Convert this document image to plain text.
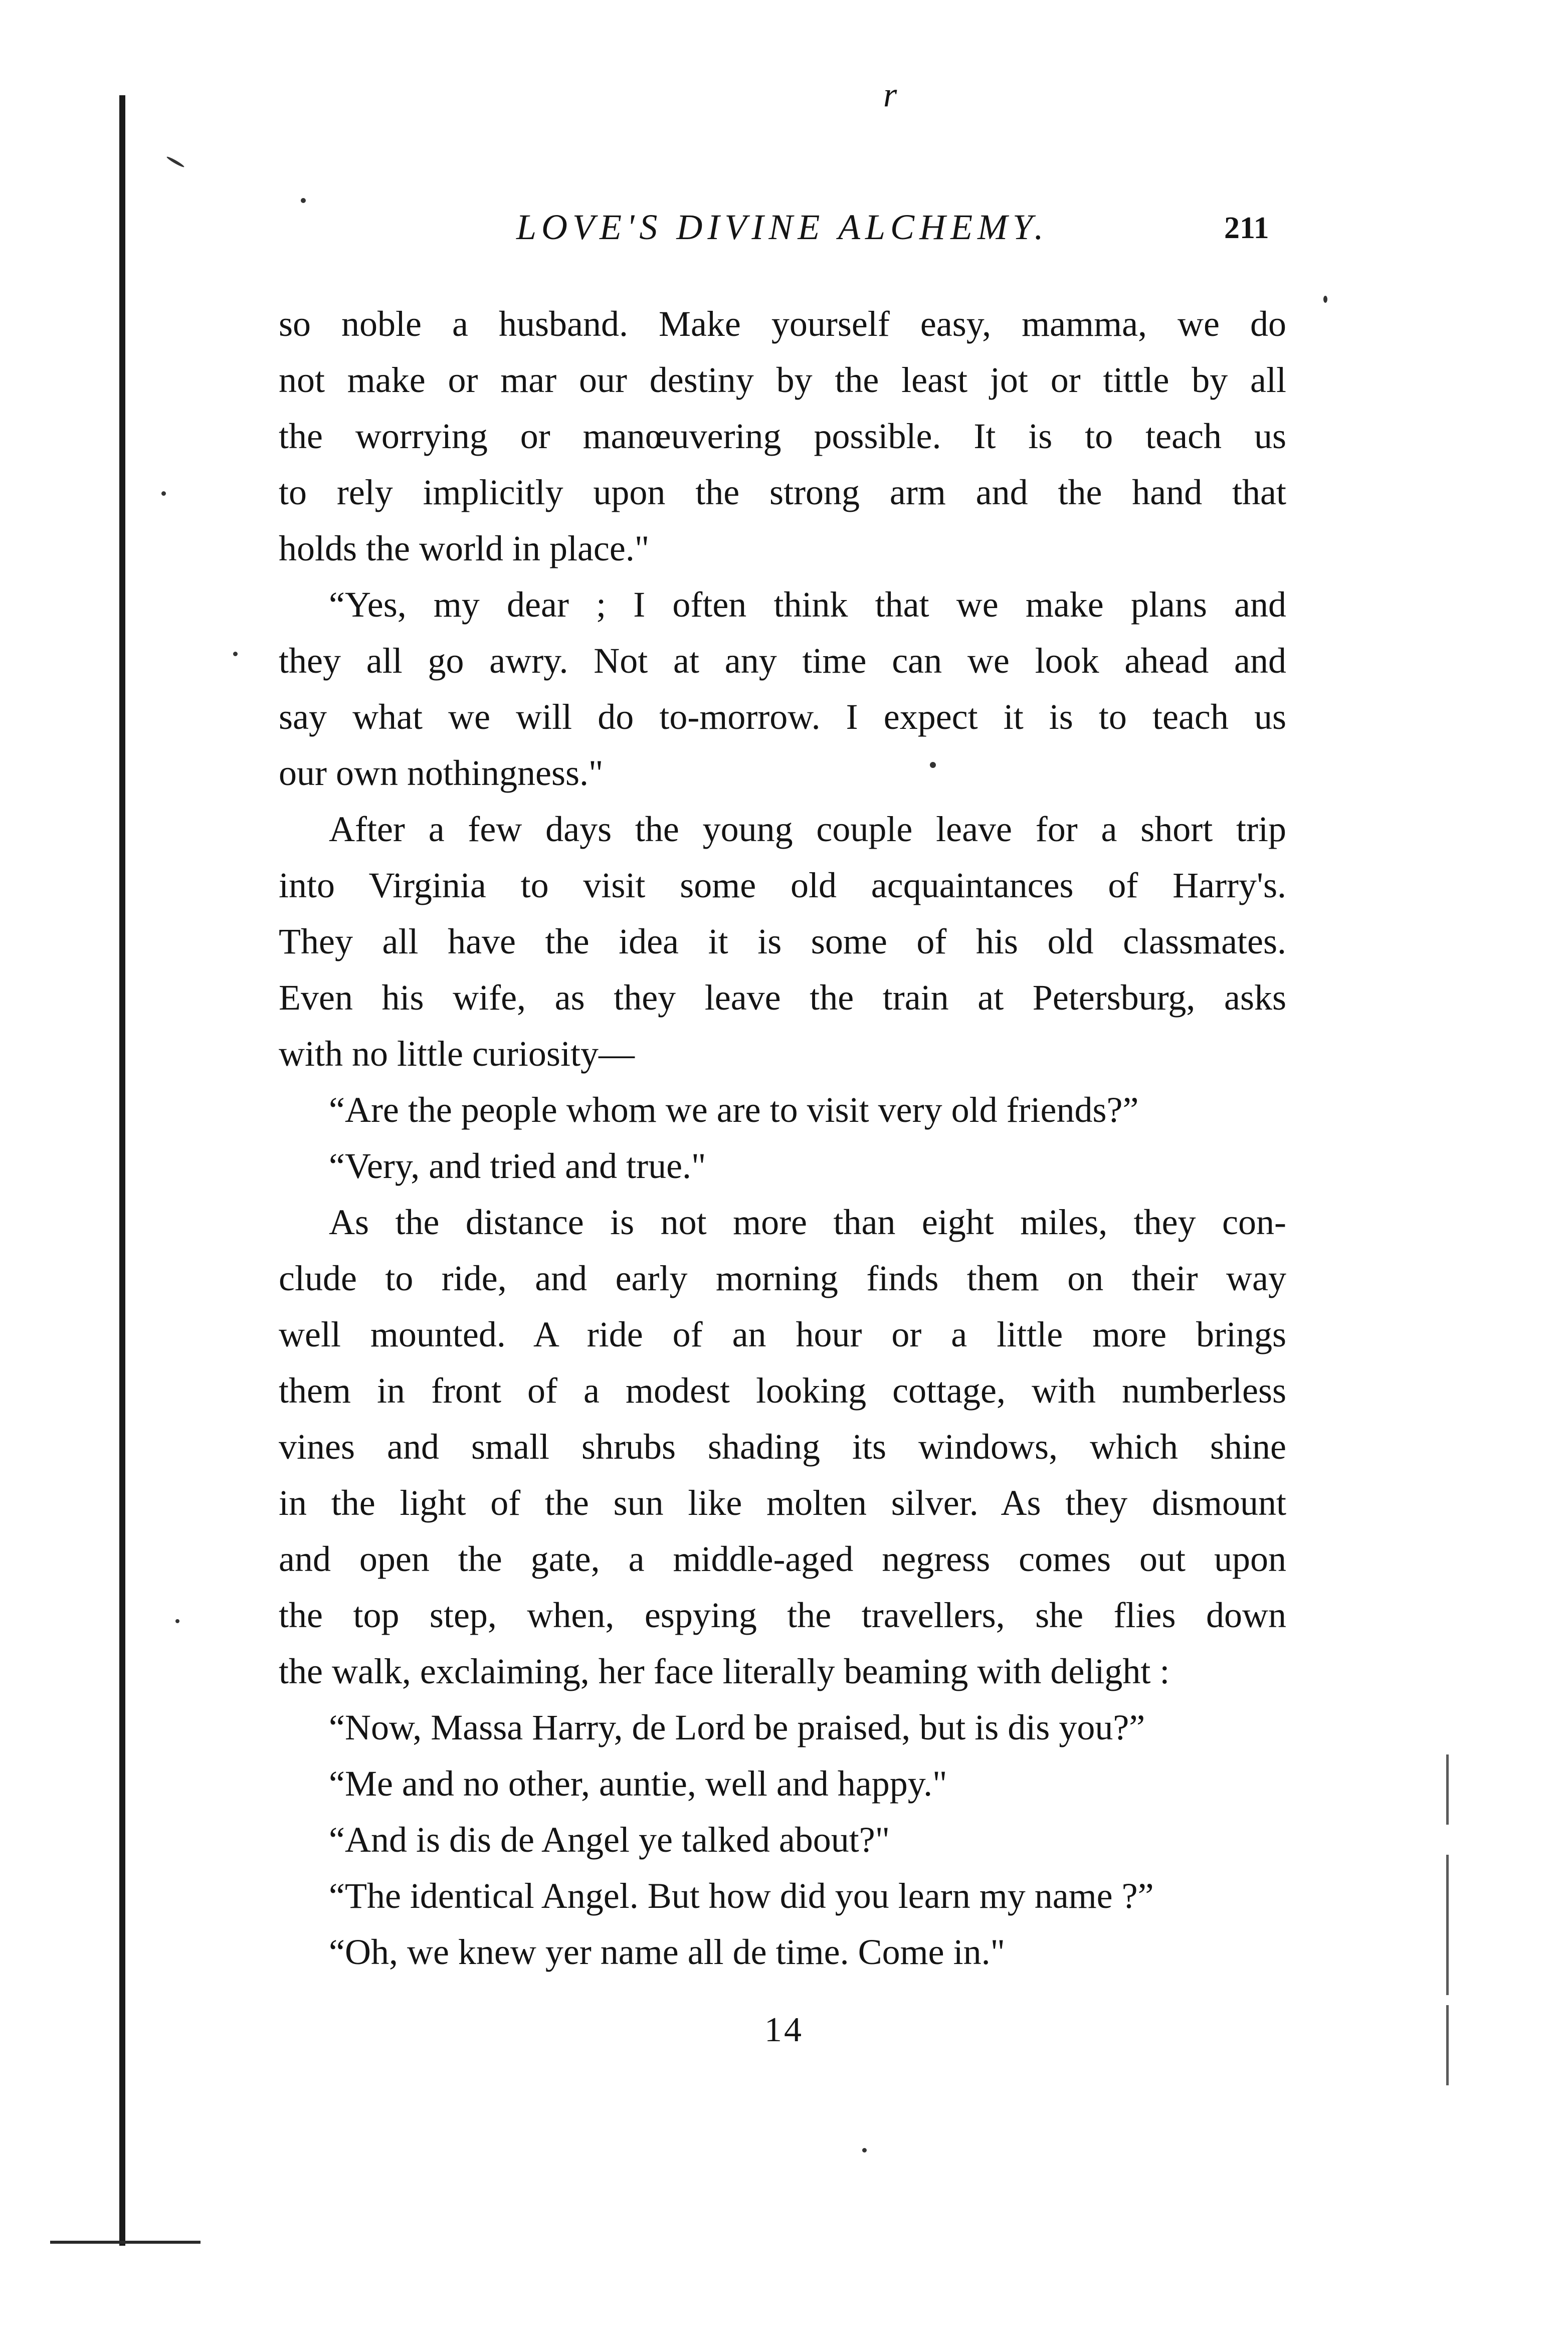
r
LOVE'S DIVINE ALCHEMY.	211
so noble a husband. Make yourself easy, mamma, we do
not make or mar our destiny by the least jot or tittle by all
the worrying or manœuvering possible. It is to teach us
to rely implicitly upon the strong arm and the hand that
holds the world in place."
“Yes, my dear ; I often think that we make plans and
they all go awry. Not at any time can we look ahead and
say what we will do to-morrow. I expect it is to teach us
our own nothingness."
After a few days the young couple leave for a short trip
into Virginia to visit some old acquaintances of Harry's.
They all have the idea it is some of his old classmates.
Even his wife, as they leave the train at Petersburg, asks
with no little curiosity—
“Are the people whom we are to visit very old friends?”
“Very, and tried and true."
As the distance is not more than eight miles, they con-
clude to ride, and early morning finds them on their way
well mounted. A ride of an hour or a little more brings
them in front of a modest looking cottage, with numberless
vines and small shrubs shading its windows, which shine
in the light of the sun like molten silver. As they dismount
and open the gate, a middle-aged negress comes out upon
the top step, when, espying the travellers, she flies down
the walk, exclaiming, her face literally beaming with delight :
“Now, Massa Harry, de Lord be praised, but is dis you?”
“Me and no other, auntie, well and happy."
“And is dis de Angel ye talked about?"
“The identical Angel. But how did you learn my name ?”
“Oh, we knew yer name all de time. Come in."
14
